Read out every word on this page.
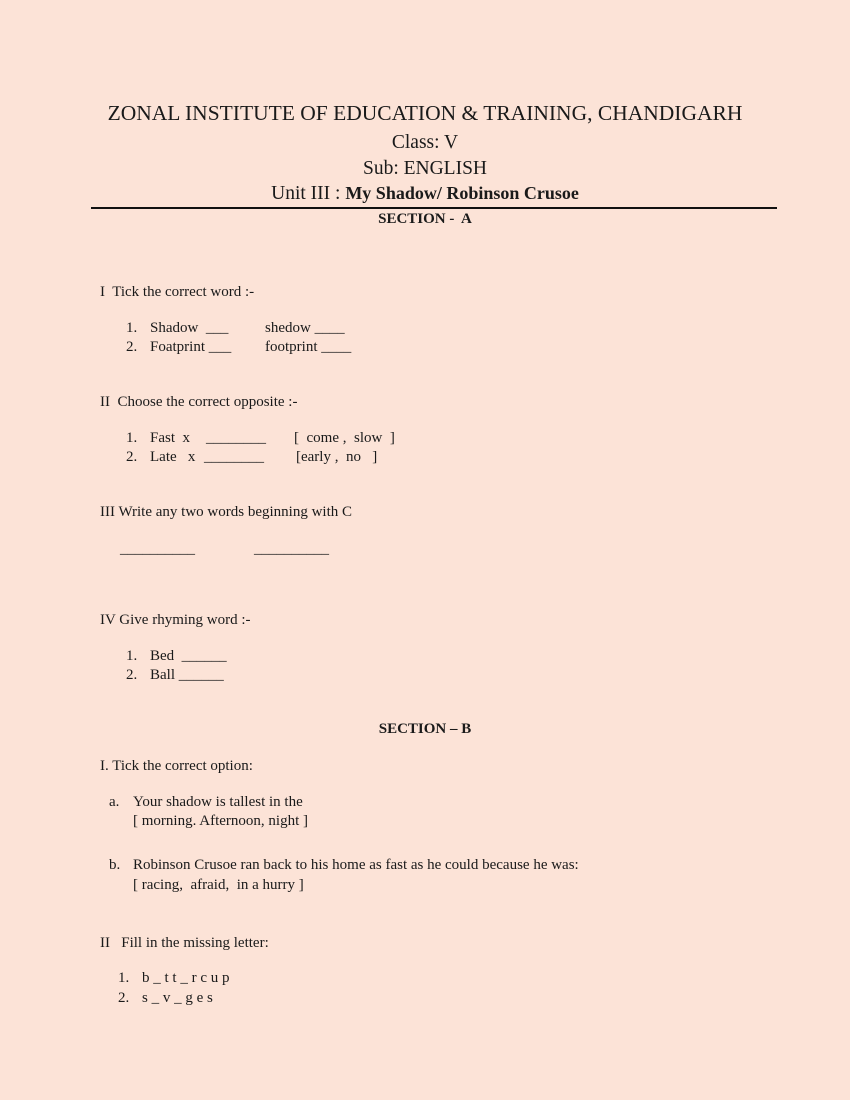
ZONAL INSTITUTE OF EDUCATION & TRAINING, CHANDIGARH
Class: V
Sub: ENGLISH
Unit III : My Shadow/ Robinson Crusoe
SECTION -  A
I  Tick the correct word :-
1. Shadow  ___ shedow ____
2. Foatprint ___ footprint ____
II  Choose the correct opposite :-
1. Fast  x ________ [  come ,  slow  ]
2. Late   x ________ [early ,  no   ]
III Write any two words beginning with C
__________	__________
IV Give rhyming word :-
1. Bed  ______
2. Ball ______
SECTION – B
I. Tick the correct option:
a. Your shadow is tallest in the
[ morning. Afternoon, night ]
b. Robinson Crusoe ran back to his home as fast as he could because he was:
[ racing,  afraid,  in a hurry ]
II   Fill in the missing letter:
1. b _ t t _ r c u p
2. s _ v _ g e s
